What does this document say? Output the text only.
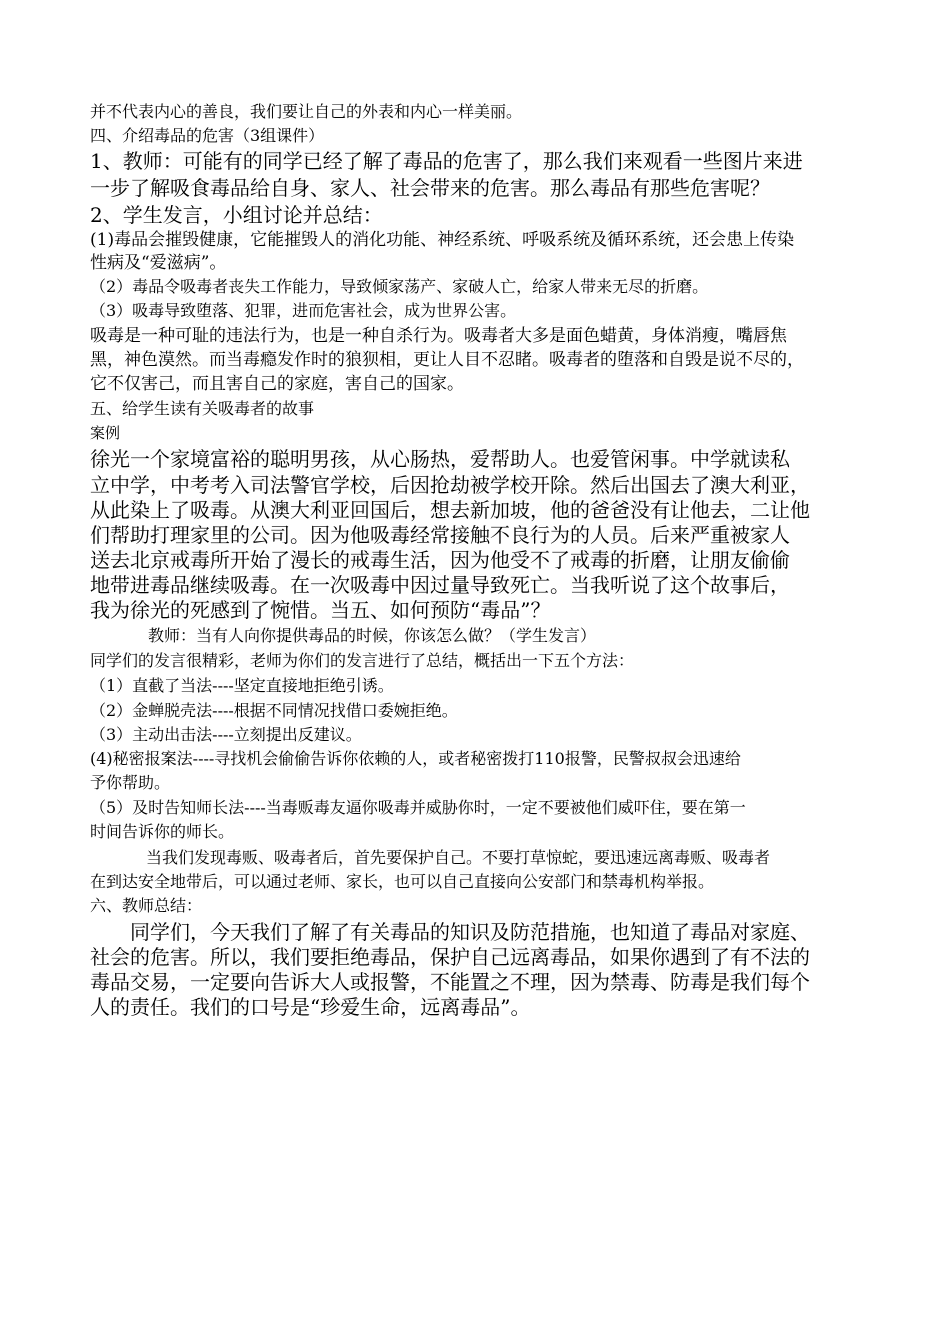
并不代表内心的善良，我们要让自己的外表和内心一样美丽。
四、介绍毒品的危害（3组课件）
1、教师：可能有的同学已经了解了毒品的危害了，那么我们来观看一些图片来进
一步了解吸食毒品给自身、家人、社会带来的危害。那么毒品有那些危害呢？
2、学生发言，小组讨论并总结：
(1)毒品会摧毁健康，它能摧毁人的消化功能、神经系统、呼吸系统及循环系统，还会患上传染
性病及“爱滋病”。
（2）毒品令吸毒者丧失工作能力，导致倾家荡产、家破人亡，给家人带来无尽的折磨。
（3）吸毒导致堕落、犯罪，进而危害社会，成为世界公害。
吸毒是一种可耻的违法行为，也是一种自杀行为。吸毒者大多是面色蜡黄，身体消瘦，嘴唇焦
黑，神色漠然。而当毒瘾发作时的狼狈相，更让人目不忍睹。吸毒者的堕落和自毁是说不尽的，
它不仅害己，而且害自己的家庭，害自己的国家。
五、给学生读有关吸毒者的故事
案例
徐光一个家境富裕的聪明男孩，从心肠热，爱帮助人。也爱管闲事。中学就读私
立中学，中考考入司法警官学校，后因抢劫被学校开除。然后出国去了澳大利亚，
从此染上了吸毒。从澳大利亚回国后，想去新加坡，他的爸爸没有让他去，二让他
们帮助打理家里的公司。因为他吸毒经常接触不良行为的人员。后来严重被家人
送去北京戒毒所开始了漫长的戒毒生活，因为他受不了戒毒的折磨，让朋友偷偷
地带进毒品继续吸毒。在一次吸毒中因过量导致死亡。当我听说了这个故事后，
我为徐光的死感到了惋惜。当五、如何预防“毒品”？
教师：当有人向你提供毒品的时候，你该怎么做？（学生发言）
同学们的发言很精彩，老师为你们的发言进行了总结，概括出一下五个方法：
（1）直截了当法----坚定直接地拒绝引诱。
（2）金蝉脱壳法----根据不同情况找借口委婉拒绝。
（3）主动出击法----立刻提出反建议。
(4)秘密报案法----寻找机会偷偷告诉你依赖的人，或者秘密拨打110报警，民警叔叔会迅速给
予你帮助。
（5）及时告知师长法----当毒贩毒友逼你吸毒并威胁你时，一定不要被他们威吓住，要在第一
时间告诉你的师长。
当我们发现毒贩、吸毒者后，首先要保护自己。不要打草惊蛇，要迅速远离毒贩、吸毒者
在到达安全地带后，可以通过老师、家长，也可以自己直接向公安部门和禁毒机构举报。
六、教师总结：
同学们，今天我们了解了有关毒品的知识及防范措施，也知道了毒品对家庭、
社会的危害。所以，我们要拒绝毒品，保护自己远离毒品，如果你遇到了有不法的
毒品交易，一定要向告诉大人或报警，不能置之不理，因为禁毒、防毒是我们每个
人的责任。我们的口号是“珍爱生命，远离毒品”。
